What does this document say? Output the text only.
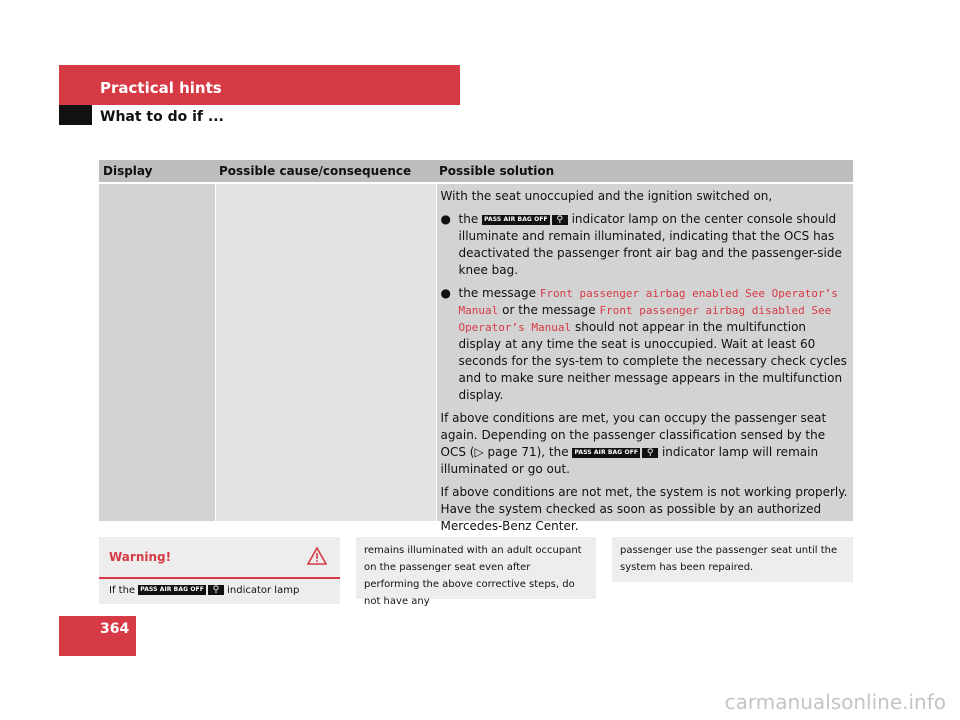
Practical hints
What to do if ...
Display	Possible cause/consequence	Possible solution

With the seat unoccupied and the ignition switched on,

● the PASS AIR BAG OFF ⚲ indicator lamp on the center console should illuminate and remain illuminated, indicating that the OCS has deactivated the passenger front air bag and the passenger-side knee bag.
● the message Front passenger airbag enabled See Operator’s Manual or the message Front passenger airbag disabled See Operator’s Manual should not appear in the multifunction display at any time the seat is unoccupied. Wait at least 60 seconds for the sys-tem to complete the necessary check cycles and to make sure neither message appears in the multifunction display.

If above conditions are met, you can occupy the passenger seat again. Depending on the passenger classification sensed by the OCS (▷ page 71), the PASS AIR BAG OFF ⚲ indicator lamp will remain illuminated or go out.

If above conditions are not met, the system is not working properly. Have the system checked as soon as possible by an authorized Mercedes-Benz Center.

Warning!
If the PASS AIR BAG OFF ⚲ indicator lamp
remains illuminated with an adult occupant on the passenger seat even after performing the above corrective steps, do not have any
passenger use the passenger seat until the system has been repaired.
364
carmanualsonline.info
